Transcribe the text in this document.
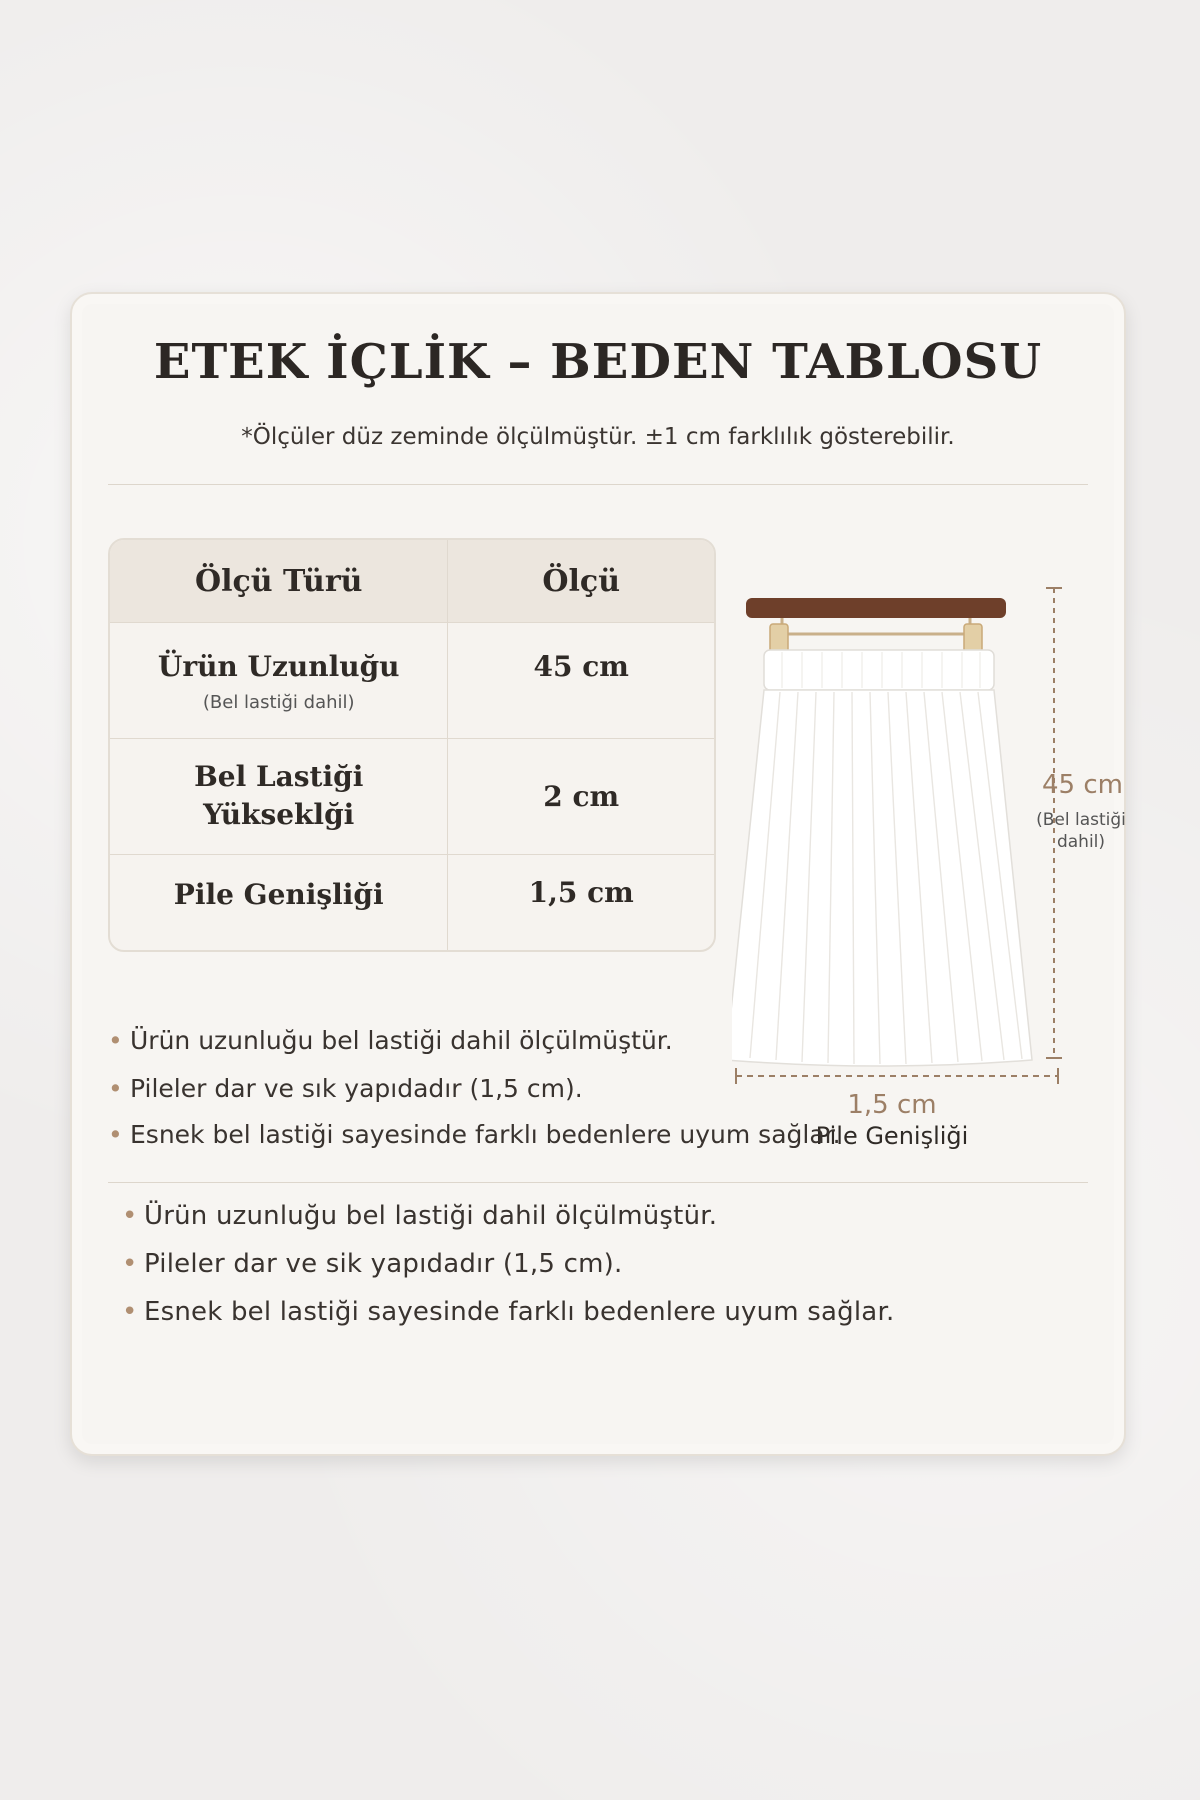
ETEK İÇLİK – BEDEN TABLOSU
*Ölçüler düz zeminde ölçülmüştür. ±1 cm farklılık gösterebilir.
Ölçü Türü	Ölçü
Ürün Uzunluğu
(Bel lastiği dahil)
45 cm
Bel Lastiği
Yükseklği
2 cm
Pile Genişliği	1,5 cm
45 cm
(Bel lastiği
dahil)
1,5 cm
Pile Genişliği
• Ürün uzunluğu bel lastiği dahil ölçülmüştür.
• Pileler dar ve sık yapıdadır (1,5 cm).
• Esnek bel lastiği sayesinde farklı bedenlere uyum sağlar.
• Ürün uzunluğu bel lastiği dahil ölçülmüştür.
• Pileler dar ve sik yapıdadır (1,5 cm).
• Esnek bel lastiği sayesinde farklı bedenlere uyum sağlar.
